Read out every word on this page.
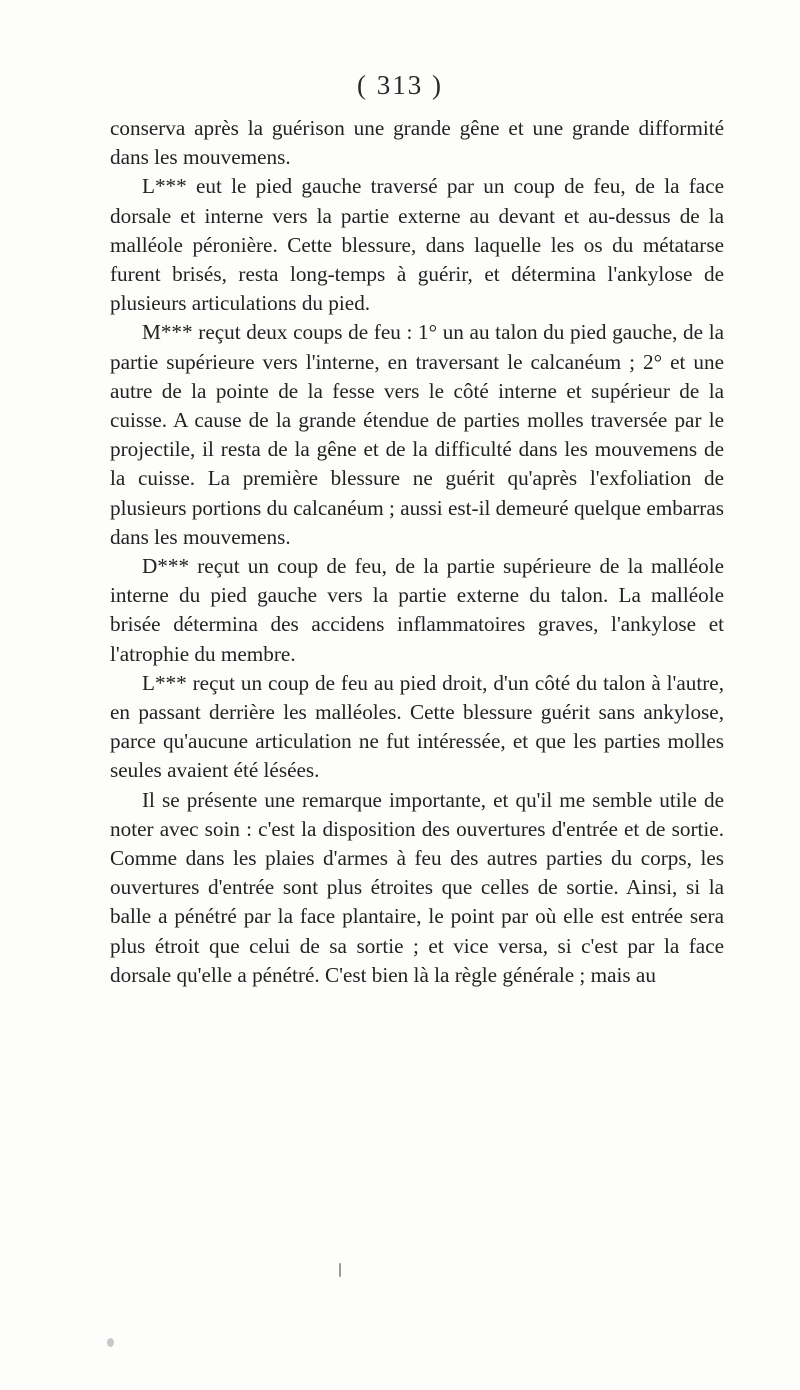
( 313 )

conserva après la guérison une grande gêne et une grande difformité dans les mouvemens.

L*** eut le pied gauche traversé par un coup de feu, de la face dorsale et interne vers la partie externe au devant et au-dessus de la malléole péronière. Cette blessure, dans laquelle les os du métatarse furent brisés, resta long-temps à guérir, et détermina l'ankylose de plusieurs articulations du pied.

M*** reçut deux coups de feu : 1° un au talon du pied gauche, de la partie supérieure vers l'interne, en traversant le calcanéum ; 2° et une autre de la pointe de la fesse vers le côté interne et supérieur de la cuisse. A cause de la grande étendue de parties molles traversée par le projectile, il resta de la gêne et de la difficulté dans les mouvemens de la cuisse. La première blessure ne guérit qu'après l'exfoliation de plusieurs portions du calcanéum ; aussi est-il demeuré quelque embarras dans les mouvemens.

D*** reçut un coup de feu, de la partie supérieure de la malléole interne du pied gauche vers la partie externe du talon. La malléole brisée détermina des accidens inflammatoires graves, l'ankylose et l'atrophie du membre.

L*** reçut un coup de feu au pied droit, d'un côté du talon à l'autre, en passant derrière les malléoles. Cette blessure guérit sans ankylose, parce qu'aucune articulation ne fut intéressée, et que les parties molles seules avaient été lésées.

Il se présente une remarque importante, et qu'il me semble utile de noter avec soin : c'est la disposition des ouvertures d'entrée et de sortie. Comme dans les plaies d'armes à feu des autres parties du corps, les ouvertures d'entrée sont plus étroites que celles de sortie. Ainsi, si la balle a pénétré par la face plantaire, le point par où elle est entrée sera plus étroit que celui de sa sortie ; et vice versa, si c'est par la face dorsale qu'elle a pénétré. C'est bien là la règle générale ; mais au
